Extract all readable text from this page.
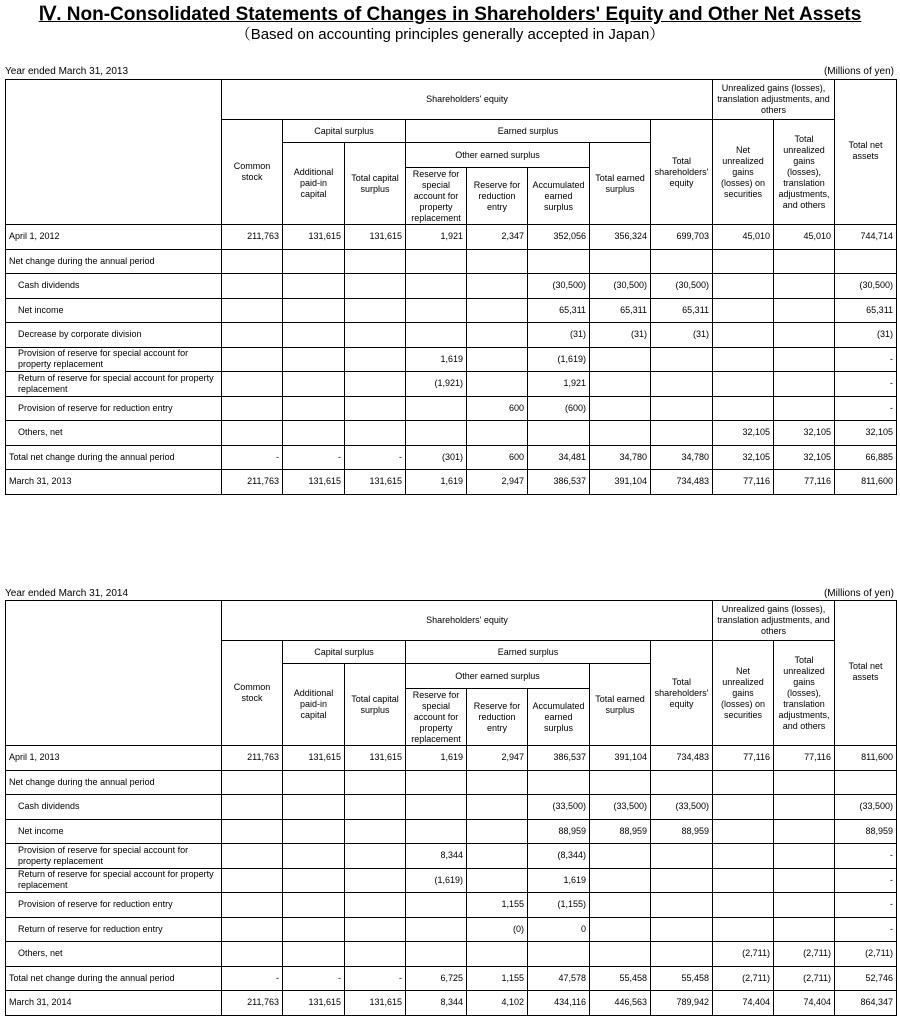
Ⅳ. Non-Consolidated Statements of Changes in Shareholders' Equity and Other Net Assets
（Based on accounting principles generally accepted in Japan）
Year ended March 31, 2013	(Millions of yen)
	Shareholders' equity								Unrealized gains (losses), translation adjustments, and others		Total net assets
	Common stock	Capital surplus		Earned surplus				Total shareholders' equity	Net unrealized gains (losses) on securities	Total unrealized gains (losses), translation adjustments, and others	
		Additional paid-in capital	Total capital surplus	Other earned surplus			Total earned surplus				
				Reserve for special account for property replacement	Reserve for reduction entry	Accumulated earned surplus					
April 1, 2012	211,763	131,615	131,615	1,921	2,347	352,056	356,324	699,703	45,010	45,010	744,714
Net change during the annual period											
Cash dividends						(30,500)	(30,500)	(30,500)			(30,500)
Net income						65,311	65,311	65,311			65,311
Decrease by corporate division						(31)	(31)	(31)			(31)
Provision of reserve for special account for property replacement				1,619		(1,619)					-
Return of reserve for special account for property replacement				(1,921)		1,921					-
Provision of reserve for reduction entry					600	(600)					-
Others, net									32,105	32,105	32,105
Total net change during the annual period	-	-	-	(301)	600	34,481	34,780	34,780	32,105	32,105	66,885
March 31, 2013	211,763	131,615	131,615	1,619	2,947	386,537	391,104	734,483	77,116	77,116	811,600
Year ended March 31, 2014	(Millions of yen)
	Shareholders' equity								Unrealized gains (losses), translation adjustments, and others		Total net assets
	Common stock	Capital surplus		Earned surplus				Total shareholders' equity	Net unrealized gains (losses) on securities	Total unrealized gains (losses), translation adjustments, and others	
		Additional paid-in capital	Total capital surplus	Other earned surplus			Total earned surplus				
				Reserve for special account for property replacement	Reserve for reduction entry	Accumulated earned surplus					
April 1, 2013	211,763	131,615	131,615	1,619	2,947	386,537	391,104	734,483	77,116	77,116	811,600
Net change during the annual period											
Cash dividends						(33,500)	(33,500)	(33,500)			(33,500)
Net income						88,959	88,959	88,959			88,959
Provision of reserve for special account for property replacement				8,344		(8,344)					-
Return of reserve for special account for property replacement				(1,619)		1,619					-
Provision of reserve for reduction entry					1,155	(1,155)					-
Return of reserve for reduction entry					(0)	0					-
Others, net									(2,711)	(2,711)	(2,711)
Total net change during the annual period	-	-	-	6,725	1,155	47,578	55,458	55,458	(2,711)	(2,711)	52,746
March 31, 2014	211,763	131,615	131,615	8,344	4,102	434,116	446,563	789,942	74,404	74,404	864,347
